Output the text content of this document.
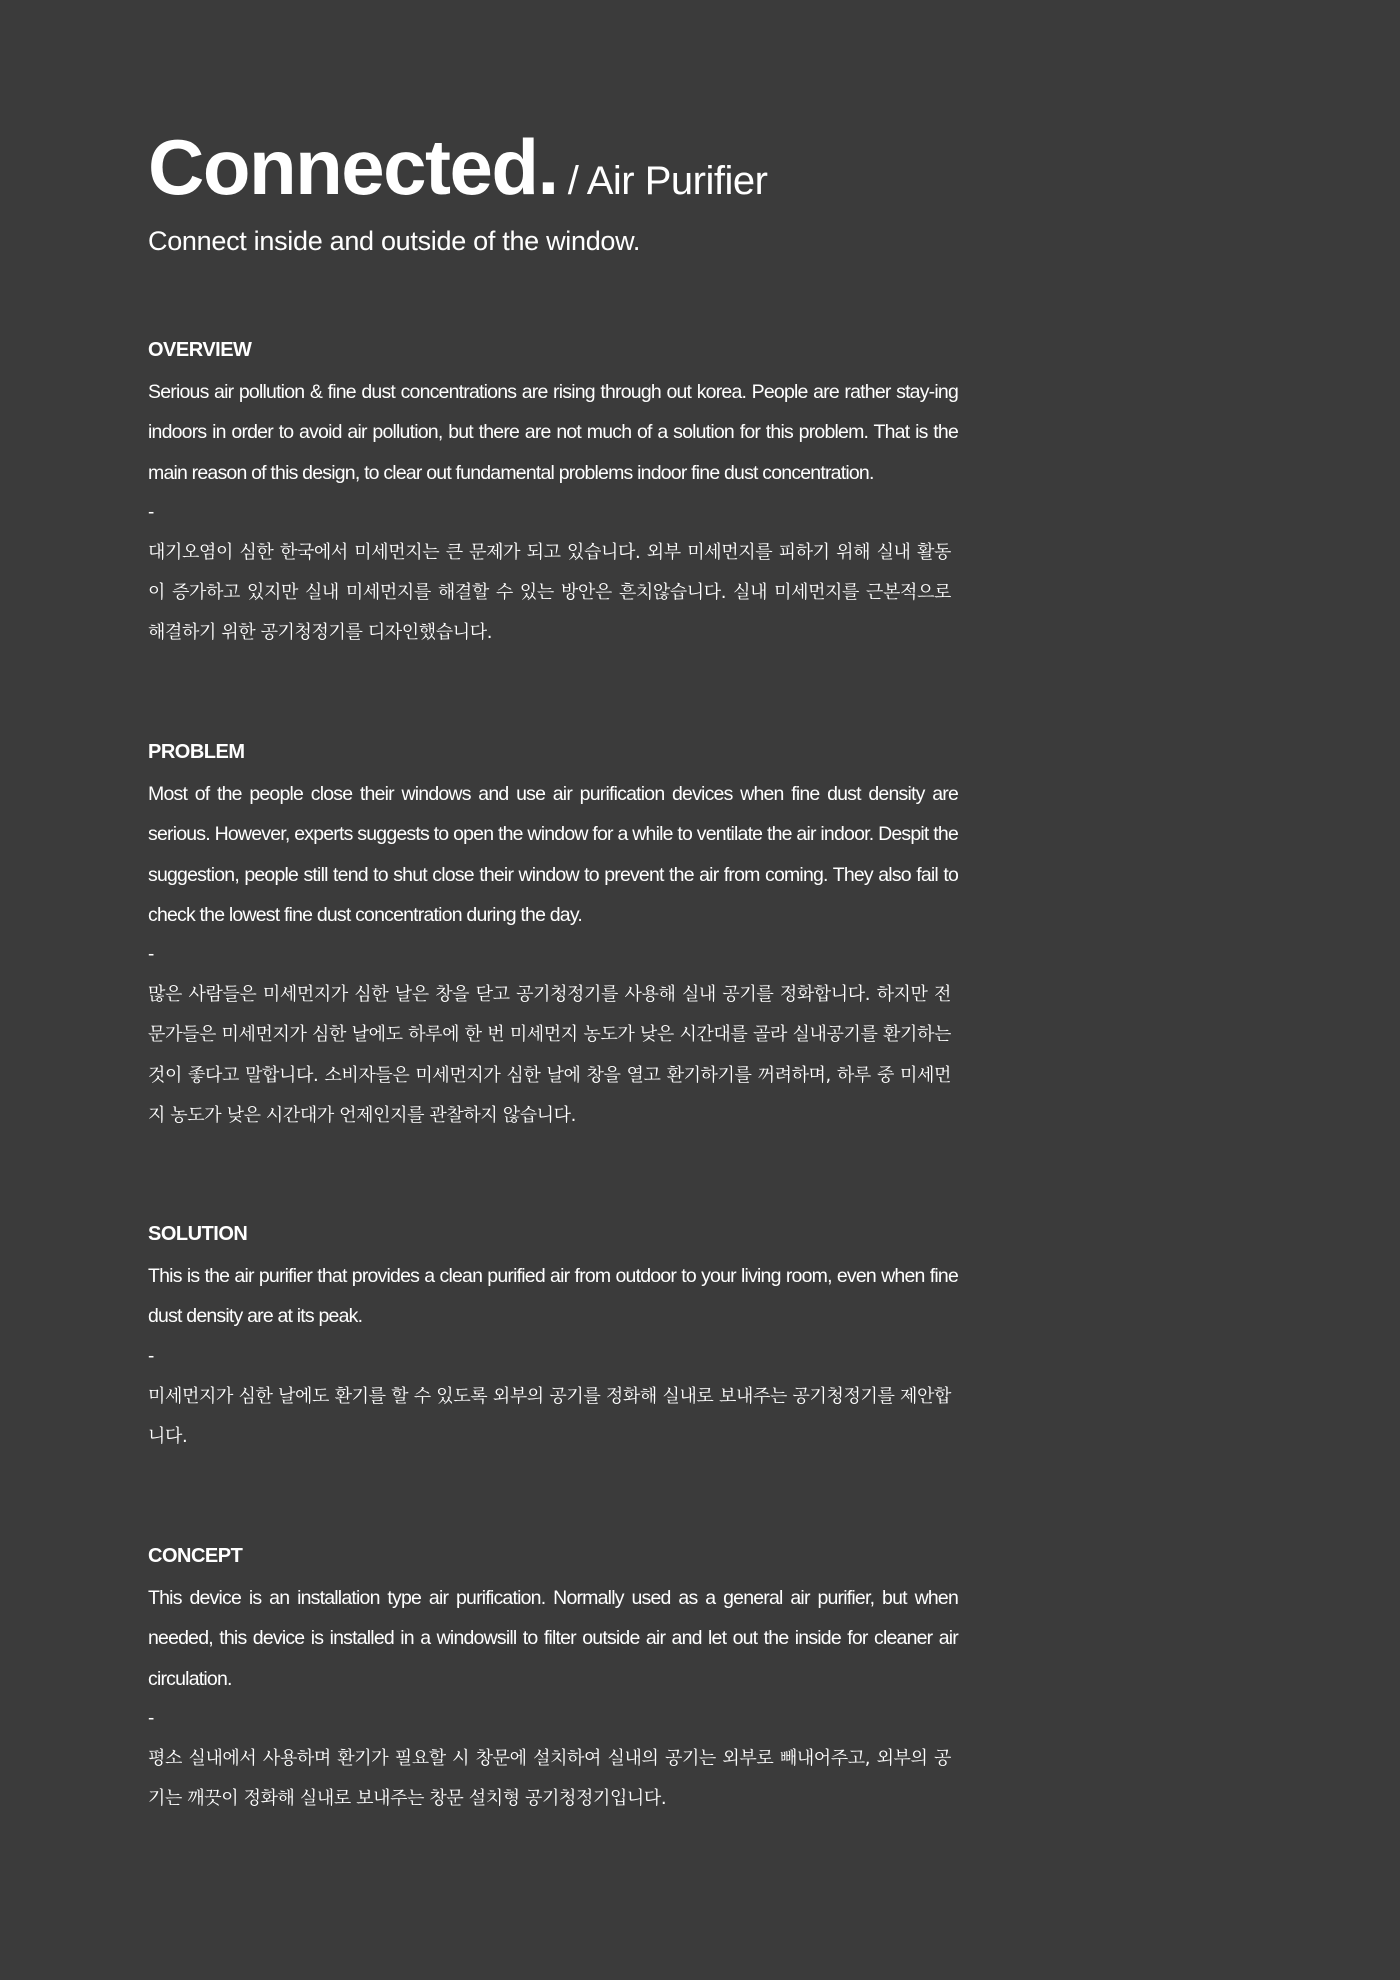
Connected. / Air Purifier
Connect inside and outside of the window.
OVERVIEW

Serious air pollution & fine dust concentrations are rising through out korea. People are rather stay-ing indoors in order to avoid air pollution, but there are not much of a solution for this problem. That is the main reason of this design, to clear out fundamental problems indoor fine dust concentration.

-

대기오염이 심한 한국에서 미세먼지는 큰 문제가 되고 있습니다. 외부 미세먼지를 피하기 위해 실내 활동이 증가하고 있지만 실내 미세먼지를 해결할 수 있는 방안은 흔치않습니다. 실내 미세먼지를 근본적으로 해결하기 위한 공기청정기를 디자인했습니다.

PROBLEM

Most of the people close their windows and use air purification devices when fine dust density are serious. However, experts suggests to open the window for a while to ventilate the air indoor. Despit the suggestion, people still tend to shut close their window to prevent the air from coming. They also fail to check the lowest fine dust concentration during the day.

-

많은 사람들은 미세먼지가 심한 날은 창을 닫고 공기청정기를 사용해 실내 공기를 정화합니다. 하지만 전문가들은 미세먼지가 심한 날에도 하루에 한 번 미세먼지 농도가 낮은 시간대를 골라 실내공기를 환기하는 것이 좋다고 말합니다. 소비자들은 미세먼지가 심한 날에 창을 열고 환기하기를 꺼려하며, 하루 중 미세먼지 농도가 낮은 시간대가 언제인지를 관찰하지 않습니다.

SOLUTION

This is the air purifier that provides a clean purified air from outdoor to your living room, even when fine dust density are at its peak.

-

미세먼지가 심한 날에도 환기를 할 수 있도록 외부의 공기를 정화해 실내로 보내주는 공기청정기를 제안합니다.

CONCEPT

This device is an installation type air purification. Normally used as a general air purifier, but when needed, this device is installed in a windowsill to filter outside air and let out the inside for cleaner air circulation.

-

평소 실내에서 사용하며 환기가 필요할 시 창문에 설치하여 실내의 공기는 외부로 빼내어주고, 외부의 공기는 깨끗이 정화해 실내로 보내주는 창문 설치형 공기청정기입니다.
